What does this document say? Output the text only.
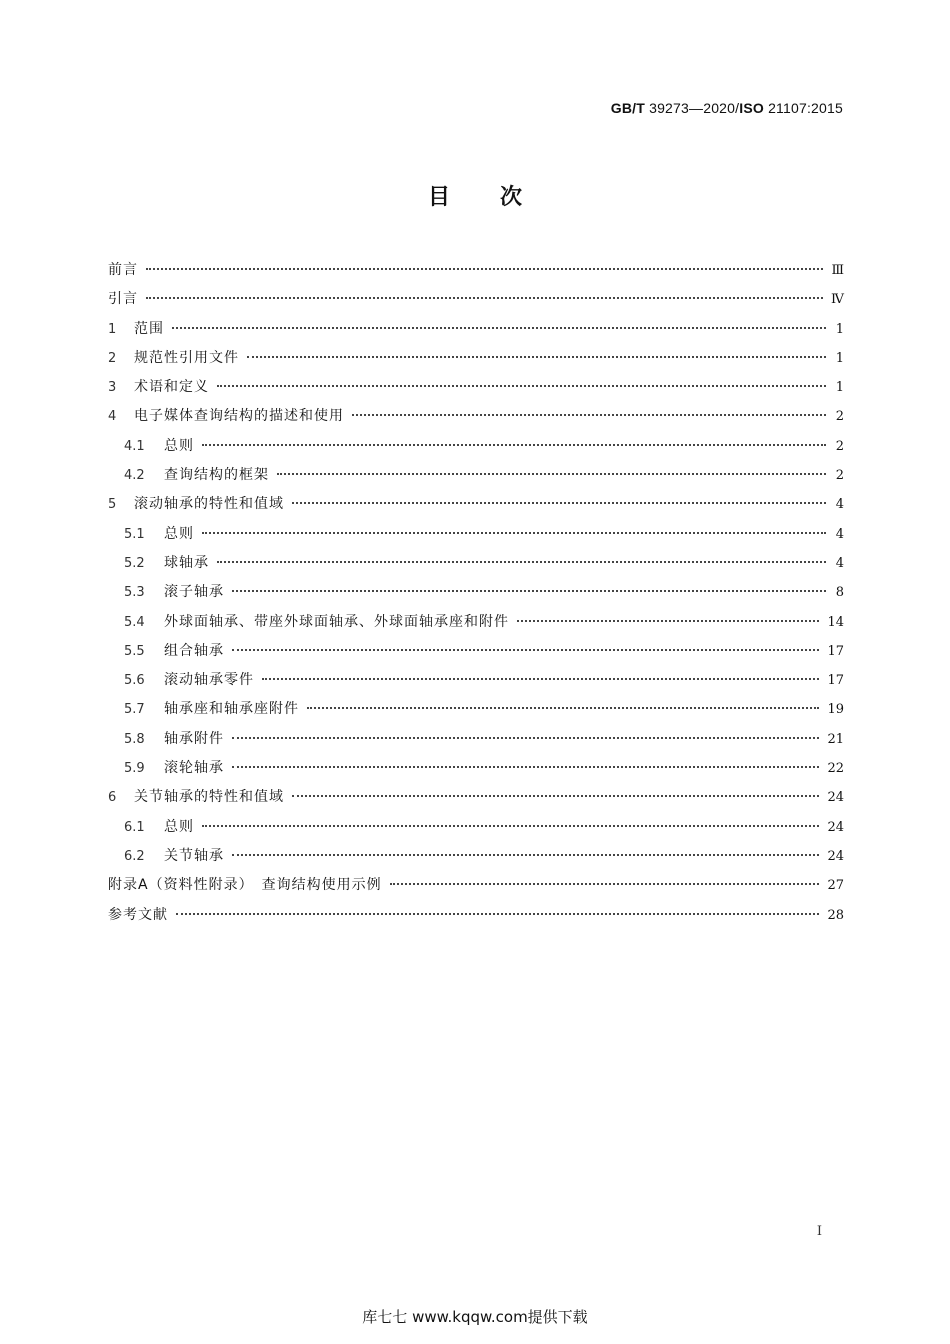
GB/T 39273—2020/ISO 21107:2015
目次
前言	Ⅲ
引言	Ⅳ
1	范围	1
2	规范性引用文件	1
3	术语和定义	1
4	电子媒体查询结构的描述和使用	2
4.1	总则	2
4.2	查询结构的框架	2
5	滚动轴承的特性和值域	4
5.1	总则	4
5.2	球轴承	4
5.3	滚子轴承	8
5.4	外球面轴承、带座外球面轴承、外球面轴承座和附件	14
5.5	组合轴承	17
5.6	滚动轴承零件	17
5.7	轴承座和轴承座附件	19
5.8	轴承附件	21
5.9	滚轮轴承	22
6	关节轴承的特性和值域	24
6.1	总则	24
6.2	关节轴承	24
附录A（资料性附录）　查询结构使用示例	27
参考文献	28
I
库七七 www.kqqw.com提供下载
